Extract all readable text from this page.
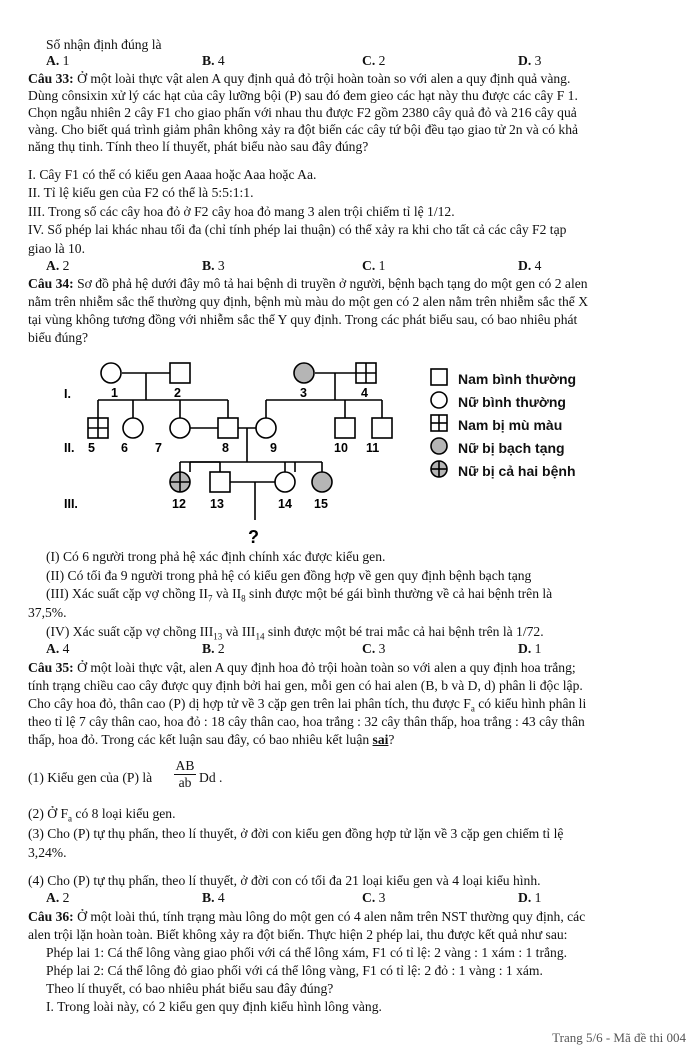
Số nhận định đúng là
A. 1	B. 4	C. 2	D. 3
Câu 33: Ở một loài thực vật alen A quy định quả đỏ trội hoàn toàn so với alen a quy định quả vàng.
Dùng cônsixin xử lý các hạt của cây lưỡng bội (P) sau đó đem gieo các hạt này thu được các cây F 1.
Chọn ngẫu nhiên 2 cây F1 cho giao phấn với nhau thu được F2 gồm 2380 cây quả đỏ và 216 cây quả
vàng. Cho biết quá trình giảm phân không xảy ra đột biến các cây tứ bội đều tạo giao tử 2n và có khả
năng thụ tinh. Tính theo lí thuyết, phát biểu nào sau đây đúng?
I. Cây F1 có thể có kiểu gen Aaaa hoặc Aaa hoặc Aa.
II. Tỉ lệ kiểu gen của F2 có thể là 5:5:1:1.
III. Trong số các cây hoa đỏ ở F2 cây hoa đỏ mang 3 alen trội chiếm tỉ lệ 1/12.
IV. Số phép lai khác nhau tối đa (chỉ tính phép lai thuận) có thể xảy ra khi cho tất cả các cây F2 tạp
giao là 10.
A. 2	B. 3	C. 1	D. 4
Câu 34: Sơ đồ phả hệ dưới đây mô tả hai bệnh di truyền ở người, bệnh bạch tạng do một gen có 2 alen
nằm trên nhiễm sắc thể thường quy định, bệnh mù màu do một gen có 2 alen nằm trên nhiễm sắc thể X
tại vùng không tương đồng với nhiễm sắc thể Y quy định. Trong các phát biểu sau, có bao nhiêu phát
biểu đúng?
I.
II.
III.
1	2	3	4
5 6 7	8	9	10 11
12 13	14 15
?
Nam bình thường
Nữ bình thường
Nam bị mù màu
Nữ bị bạch tạng
Nữ bị cả hai bệnh
(I) Có 6 người trong phả hệ xác định chính xác được kiểu gen.
(II) Có tối đa 9 người trong phả hệ có kiểu gen đồng hợp về gen quy định bệnh bạch tạng
(III) Xác suất cặp vợ chồng $II_7$ và $II_8$ sinh được một bé gái bình thường về cả hai bệnh trên là
37,5%.
(IV) Xác suất cặp vợ chồng $III_{13}$ và $III_{14}$ sinh được một bé trai mắc cả hai bệnh trên là 1/72.
A. 4	B. 2	C. 3	D. 1
Câu 35: Ở một loài thực vật, alen A quy định hoa đỏ trội hoàn toàn so với alen a quy định hoa trắng;
tính trạng chiều cao cây được quy định bởi hai gen, mỗi gen có hai alen (B, b và D, d) phân li độc lập.
Cho cây hoa đỏ, thân cao (P) dị hợp tử về 3 cặp gen trên lai phân tích, thu được $F_a$ có kiểu hình phân li
theo tỉ lệ 7 cây thân cao, hoa đỏ : 18 cây thân cao, hoa trắng : 32 cây thân thấp, hoa trắng : 43 cây thân
thấp, hoa đỏ. Trong các kết luận sau đây, có bao nhiêu kết luận sai?
(1) Kiểu gen của (P) là $\frac{AB}{ab}$ Dd .
(2) Ở $F_a$ có 8 loại kiểu gen.
(3) Cho (P) tự thụ phấn, theo lí thuyết, ở đời con kiểu gen đồng hợp tử lặn về 3 cặp gen chiếm tỉ lệ
3,24%.
(4) Cho (P) tự thụ phấn, theo lí thuyết, ở đời con có tối đa 21 loại kiểu gen và 4 loại kiểu hình.
A. 2	B. 4	C. 3	D. 1
Câu 36: Ở một loài thú, tính trạng màu lông do một gen có 4 alen nằm trên NST thường quy định, các
alen trội lặn hoàn toàn. Biết không xảy ra đột biến. Thực hiện 2 phép lai, thu được kết quả như sau:
Phép lai 1: Cá thể lông vàng giao phối với cá thể lông xám, F1 có tỉ lệ: 2 vàng : 1 xám : 1 trắng.
Phép lai 2: Cá thể lông đỏ giao phối với cá thể lông vàng, F1 có tỉ lệ: 2 đỏ : 1 vàng : 1 xám.
Theo lí thuyết, có bao nhiêu phát biểu sau đây đúng?
I. Trong loài này, có 2 kiểu gen quy định kiểu hình lông vàng.
Trang 5/6 - Mã đề thi 004
